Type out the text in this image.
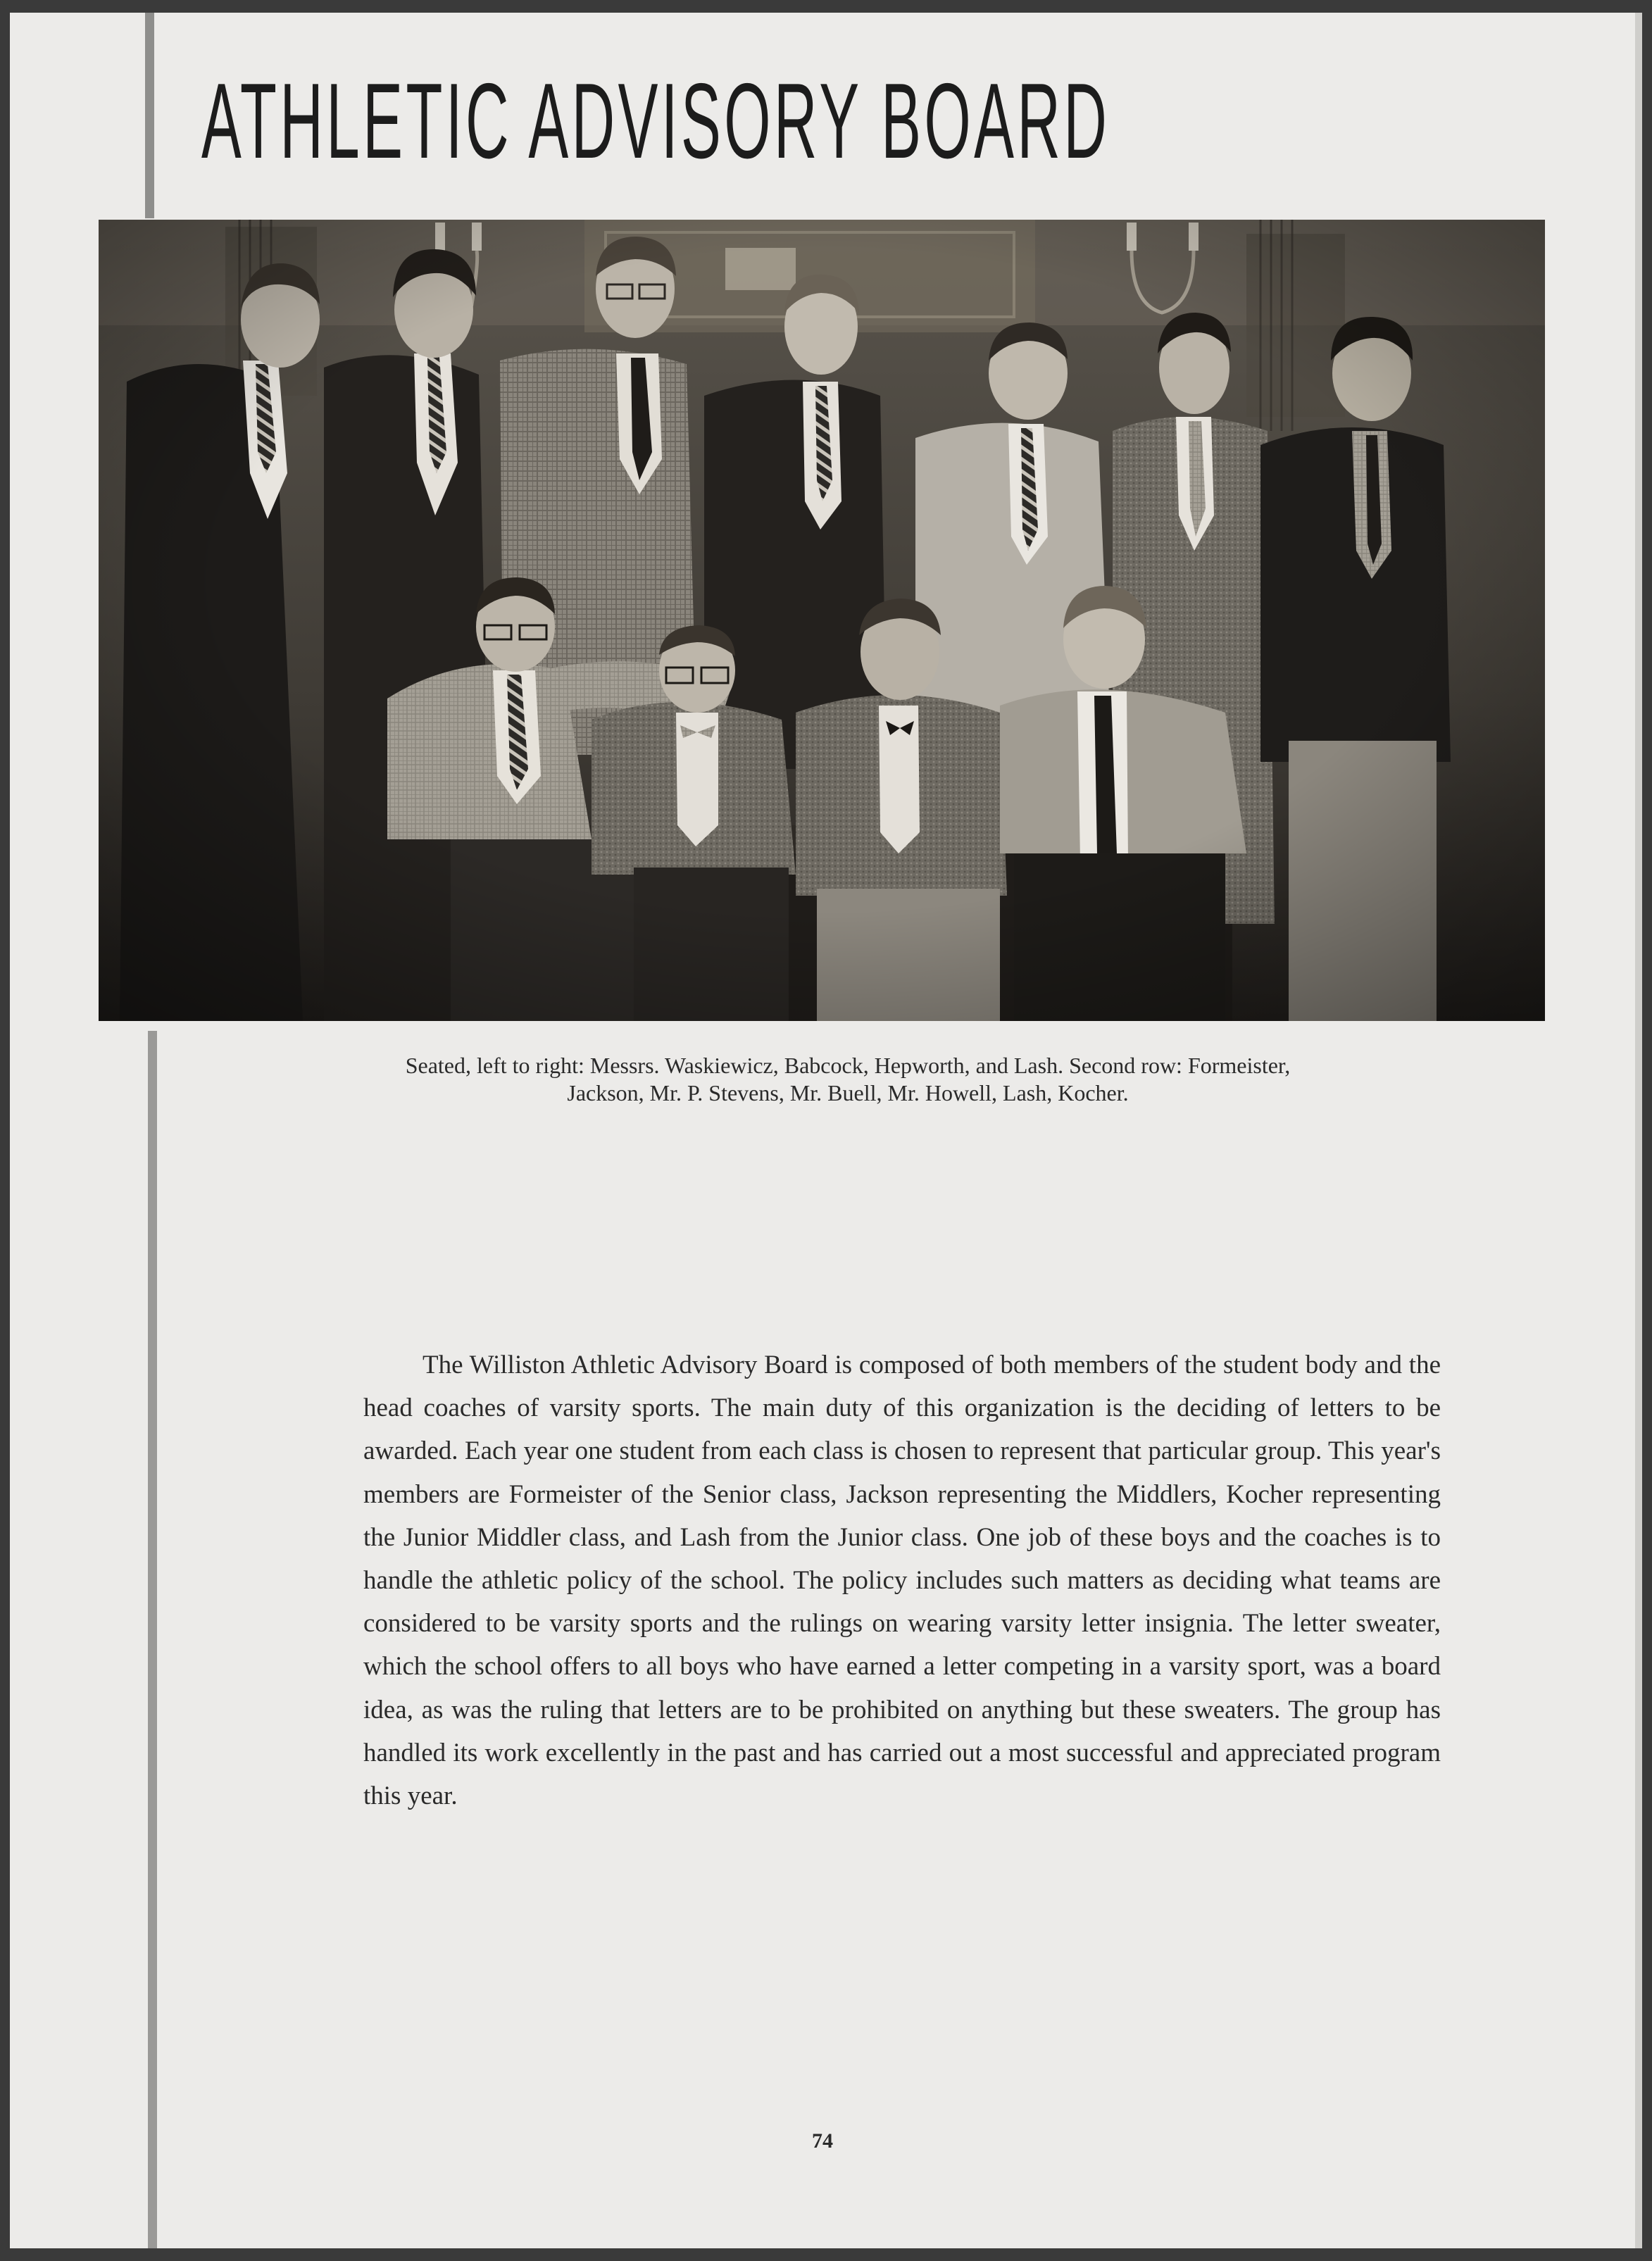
ATHLETIC ADVISORY BOARD
Seated, left to right: Messrs. Waskiewicz, Babcock, Hepworth, and Lash. Second row: Formeister,
Jackson, Mr. P. Stevens, Mr. Buell, Mr. Howell, Lash, Kocher.

The Williston Athletic Advisory Board is composed of both members of the student body and the head coaches of varsity sports. The main duty of this organization is the deciding of letters to be awarded. Each year one student from each class is chosen to represent that particular group. This year's members are Formeister of the Senior class, Jackson representing the Middlers, Kocher representing the Junior Middler class, and Lash from the Junior class. One job of these boys and the coaches is to handle the athletic policy of the school. The policy includes such matters as deciding what teams are considered to be varsity sports and the rulings on wearing varsity letter insignia. The letter sweater, which the school offers to all boys who have earned a letter competing in a varsity sport, was a board idea, as was the ruling that letters are to be prohibited on anything but these sweaters. The group has handled its work excellently in the past and has carried out a most successful and appreciated program this year.

74
